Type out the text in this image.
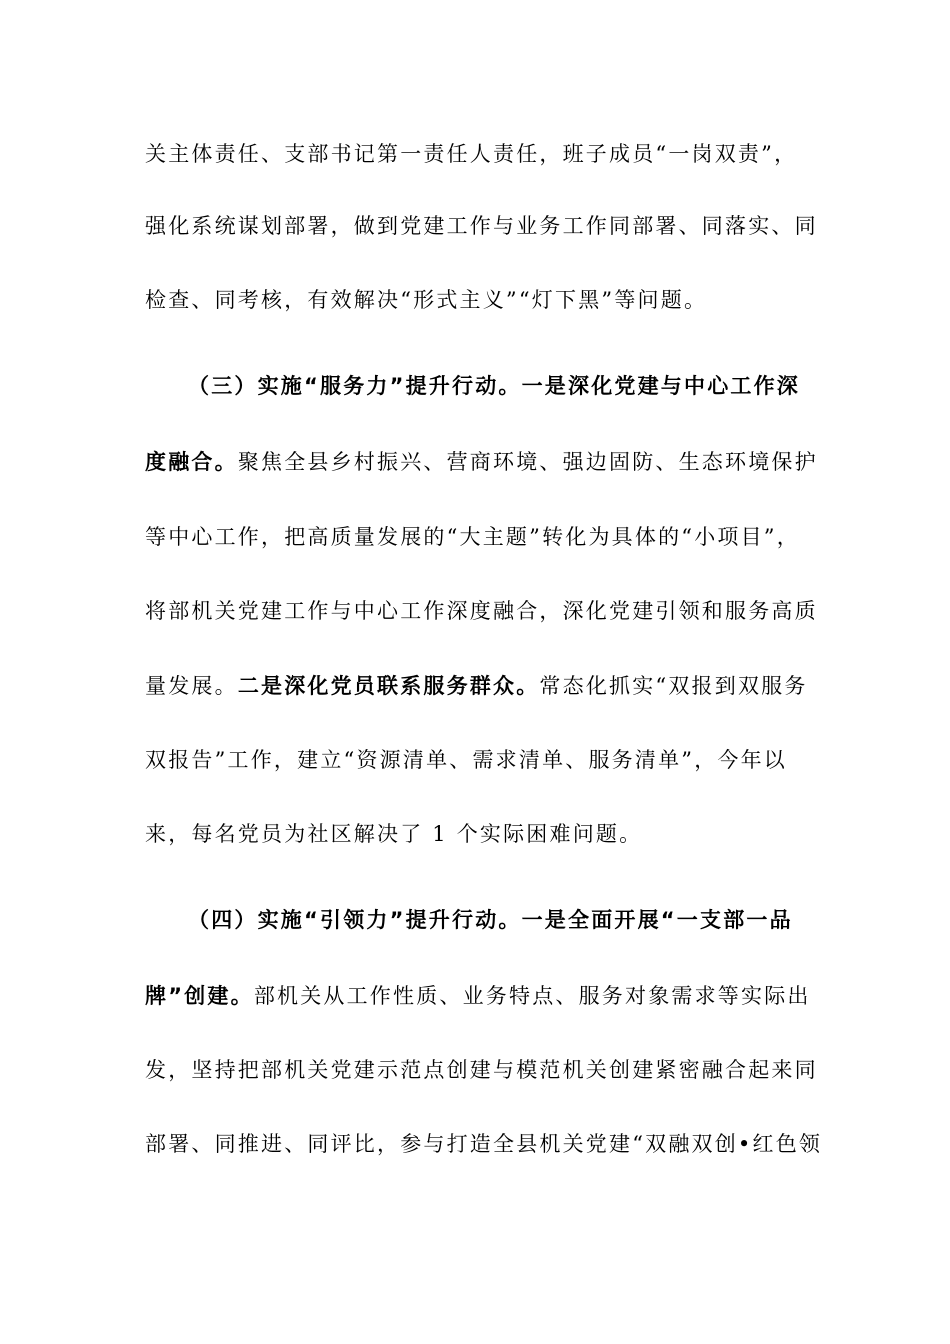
关主体责任、支部书记第一责任人责任，班子成员“一岗双责”，
强化系统谋划部署，做到党建工作与业务工作同部署、同落实、同
检查、同考核，有效解决“形式主义”“灯下黑”等问题。
（三）实施“服务力”提升行动。一是深化党建与中心工作深
度融合。聚焦全县乡村振兴、营商环境、强边固防、生态环境保护
等中心工作，把高质量发展的“大主题”转化为具体的“小项目”，
将部机关党建工作与中心工作深度融合，深化党建引领和服务高质
量发展。二是深化党员联系服务群众。常态化抓实“双报到双服务
双报告”工作，建立“资源清单、需求清单、服务清单”，今年以
来，每名党员为社区解决了 1 个实际困难问题。
（四）实施“引领力”提升行动。一是全面开展“一支部一品
牌”创建。部机关从工作性质、业务特点、服务对象需求等实际出
发，坚持把部机关党建示范点创建与模范机关创建紧密融合起来同
部署、同推进、同评比，参与打造全县机关党建“双融双创•红色领
